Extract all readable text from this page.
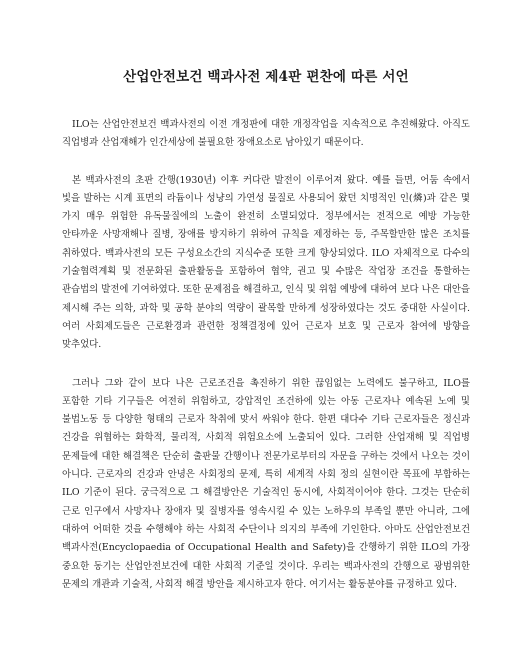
산업안전보건 백과사전 제4판 편찬에 따른 서언

ILO는 산업안전보건 백과사전의 이전 개정판에 대한 개정작업을 지속적으로 추진해왔다. 아직도 직업병과 산업재해가 인간세상에 불필요한 장애요소로 남아있기 때문이다.

본 백과사전의 초판 간행(1930년) 이후 커다란 발전이 이루어져 왔다. 예를 들면, 어둠 속에서 빛을 발하는 시계 표면의 라듐이나 성냥의 가연성 물질로 사용되어 왔던 치명적인 인(燐)과 같은 몇 가지 매우 위험한 유독물질에의 노출이 완전히 소멸되었다. 정부에서는 전적으로 예방 가능한 안타까운 사망재해나 질병, 장애를 방지하기 위하여 규칙을 제정하는 등, 주목할만한 많은 조치를 취하였다. 백과사전의 모든 구성요소간의 지식수준 또한 크게 향상되었다. ILO 자체적으로 다수의 기술협력계획 및 전문화된 출판활동을 포함하여 협약, 권고 및 수많은 작업장 조건을 통할하는 관습법의 발전에 기여하였다. 또한 문제점을 해결하고, 인식 및 위험 예방에 대하여 보다 나은 대안을 제시해 주는 의학, 과학 및 공학 분야의 역량이 괄목할 만하게 성장하였다는 것도 중대한 사실이다. 여러 사회제도들은 근로환경과 관련한 정책결정에 있어 근로자 보호 및 근로자 참여에 방향을 맞추었다.

그러나 그와 같이 보다 나은 근로조건을 촉진하기 위한 끊임없는 노력에도 불구하고, ILO를 포함한 기타 기구들은 여전히 위험하고, 강압적인 조건하에 있는 아동 근로자나 예속된 노예 및 불법노동 등 다양한 형태의 근로자 착취에 맞서 싸워야 한다. 한편 대다수 기타 근로자들은 정신과 건강을 위협하는 화학적, 물리적, 사회적 위험요소에 노출되어 있다. 그러한 산업재해 및 직업병 문제들에 대한 해결책은 단순히 출판물 간행이나 전문가로부터의 자문을 구하는 것에서 나오는 것이 아니다. 근로자의 건강과 안녕은 사회정의 문제, 특히 세계적 사회 정의 실현이란 목표에 부합하는 ILO 기준이 된다. 궁극적으로 그 해결방안은 기술적인 동시에, 사회적이어야 한다. 그것는 단순히 근로 인구에서 사망자나 장애자 및 질병자를 영속시킬 수 있는 노하우의 부족일 뿐만 아니라, 그에 대하여 어떠한 것을 수행해야 하는 사회적 수단이나 의지의 부족에 기인한다. 아마도 산업안전보건 백과사전(Encyclopaedia of Occupational Health and Safety)을 간행하기 위한 ILO의 가장 중요한 동기는 산업안전보건에 대한 사회적 기준일 것이다. 우리는 백과사전의 간행으로 광범위한 문제의 개관과 기술적, 사회적 해결 방안을 제시하고자 한다. 여기서는 활동분야를 규정하고 있다.
